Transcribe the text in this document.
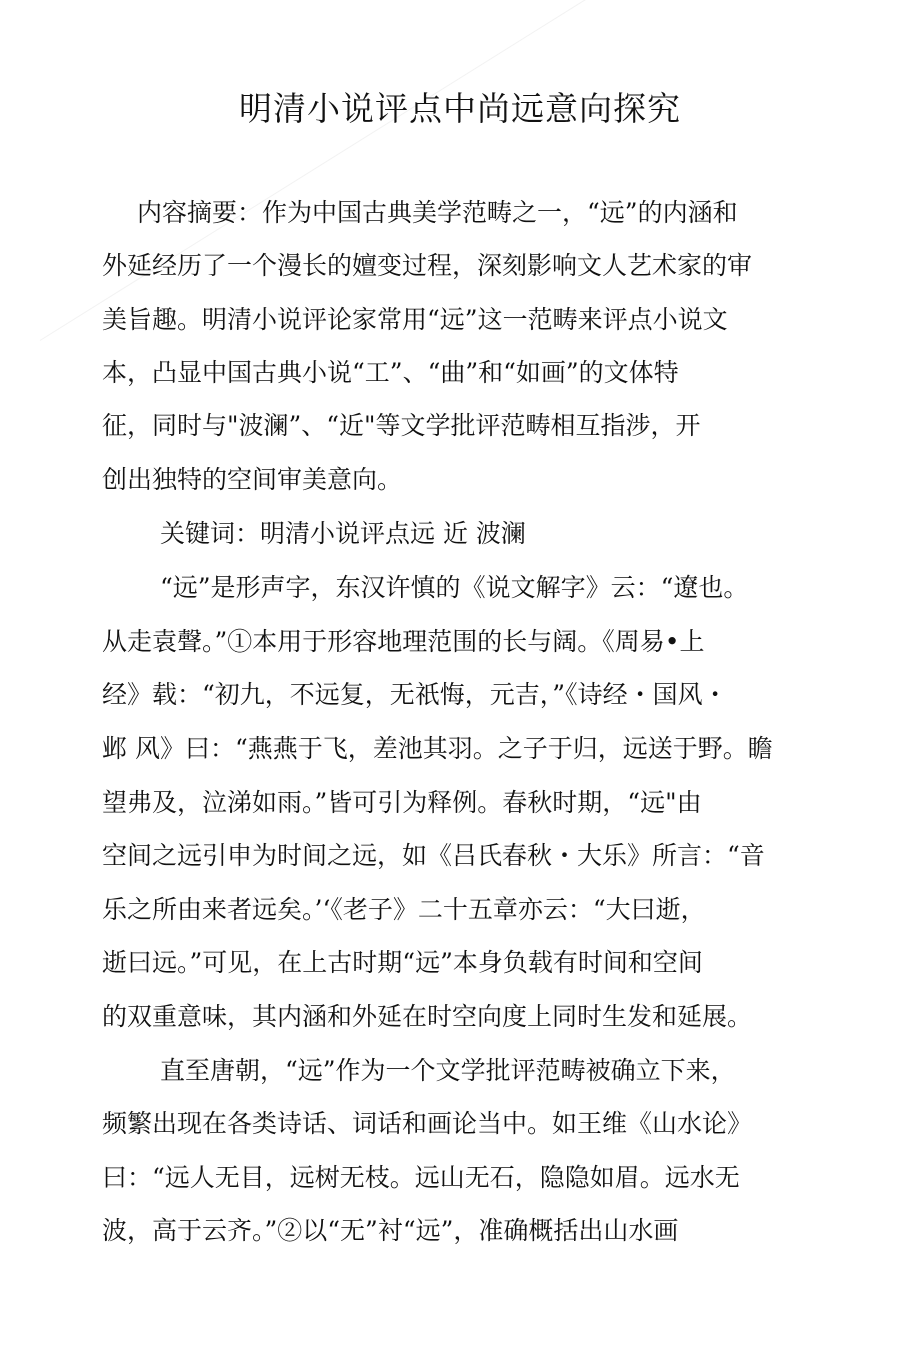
明清小说评点中尚远意向探究

内容摘要：作为中国古典美学范畴之一，“远”的内涵和

外延经历了一个漫长的嬗变过程，深刻影响文人艺术家的审

美旨趣。明清小说评论家常用“远”这一范畴来评点小说文

本，凸显中国古典小说“工”、“曲”和“如画”的文体特

征，同时与"波澜”、“近"等文学批评范畴相互指涉，开

创出独特的空间审美意向。

关键词：明清小说评点远 近 波澜

“远”是形声字，东汉许慎的《说文解字》云：“遼也。

从走袁聲。”①本用于形容地理范围的长与阔。《周易•上

经》载：“初九，不远复，无祇悔，元吉，”《诗经・国风・

邺 风》曰：“燕燕于飞，差池其羽。之子于归，远送于野。瞻

望弗及，泣涕如雨。”皆可引为释例。春秋时期，“远"由

空间之远引申为时间之远，如《吕氏春秋・大乐》所言：“音

乐之所由来者远矣。’‘《老子》二十五章亦云：“大曰逝，

逝曰远。”可见，在上古时期“远”本身负载有时间和空间

的双重意味，其内涵和外延在时空向度上同时生发和延展。

直至唐朝，“远”作为一个文学批评范畴被确立下来，

频繁出现在各类诗话、词话和画论当中。如王维《山水论》

曰：“远人无目，远树无枝。远山无石，隐隐如眉。远水无

波，高于云齐。”②以“无”衬“远”，准确概括出山水画
